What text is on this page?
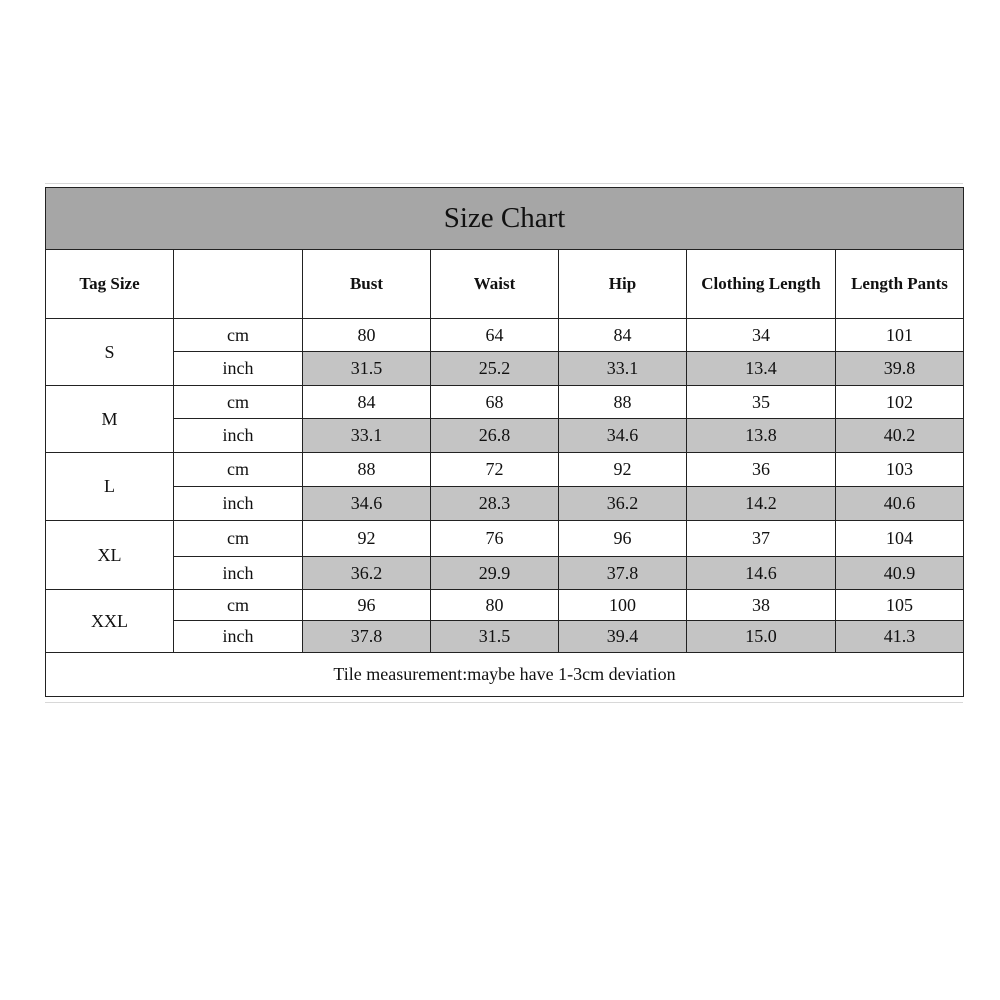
Size Chart						
Tag Size		Bust	Waist	Hip	Clothing Length	Length Pants
S	cm	80	64	84	34	101
	inch	31.5	25.2	33.1	13.4	39.8
M	cm	84	68	88	35	102
	inch	33.1	26.8	34.6	13.8	40.2
L	cm	88	72	92	36	103
	inch	34.6	28.3	36.2	14.2	40.6
XL	cm	92	76	96	37	104
	inch	36.2	29.9	37.8	14.6	40.9
XXL	cm	96	80	100	38	105
	inch	37.8	31.5	39.4	15.0	41.3
Tile measurement:maybe have 1-3cm deviation						
